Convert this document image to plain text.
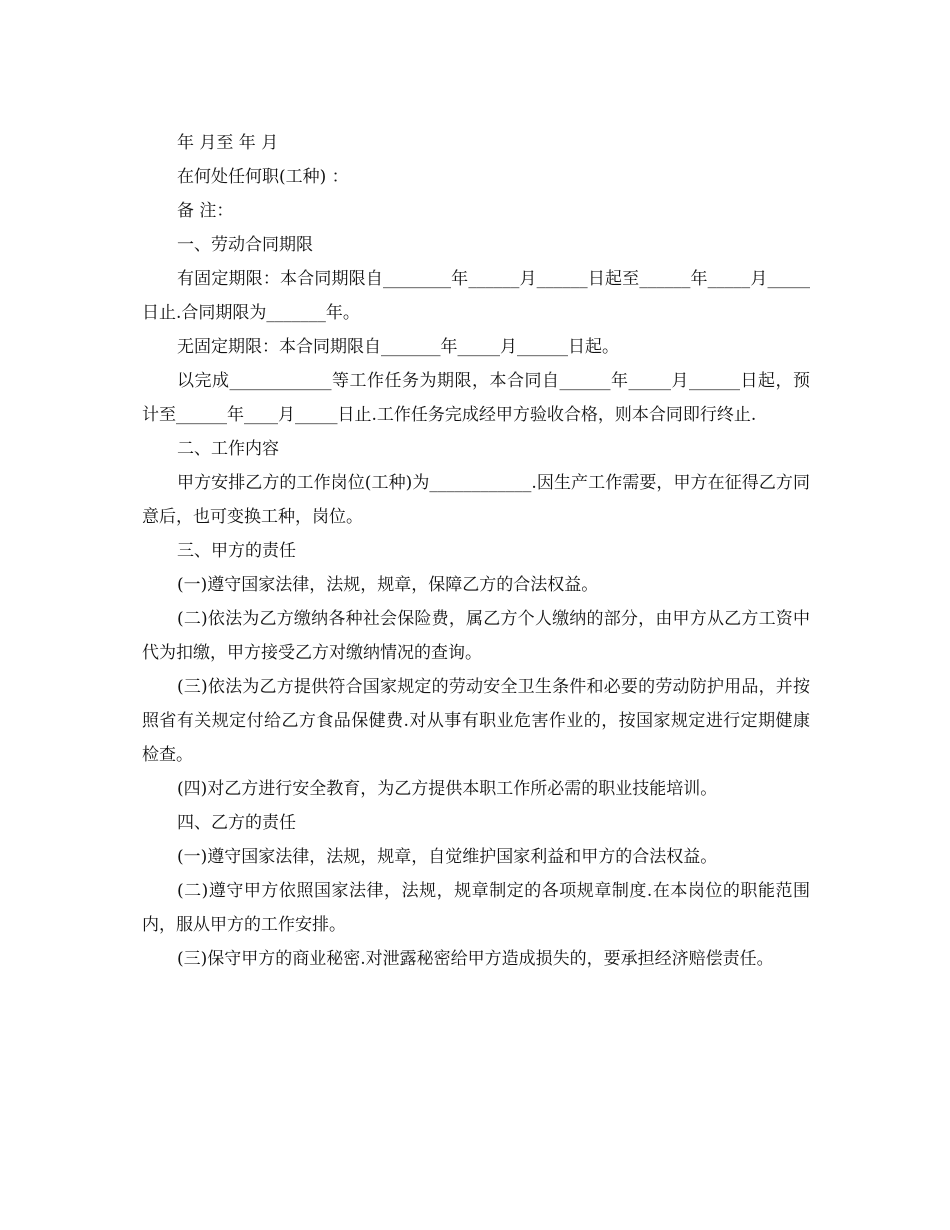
年 月至 年 月

在何处任何职(工种) ：

备 注：

一、劳动合同期限

有固定期限：本合同期限自________年______月______日起至______年_____月_____日止.合同期限为_______年。

无固定期限：本合同期限自_______年_____月______日起。

以完成____________等工作任务为期限，本合同自______年_____月______日起，预计至______年____月_____日止.工作任务完成经甲方验收合格，则本合同即行终止.

二、工作内容

甲方安排乙方的工作岗位(工种)为____________.因生产工作需要，甲方在征得乙方同意后，也可变换工种，岗位。

三、甲方的责任

(一)遵守国家法律，法规，规章，保障乙方的合法权益。

(二)依法为乙方缴纳各种社会保险费，属乙方个人缴纳的部分，由甲方从乙方工资中代为扣缴，甲方接受乙方对缴纳情况的查询。

(三)依法为乙方提供符合国家规定的劳动安全卫生条件和必要的劳动防护用品，并按照省有关规定付给乙方食品保健费.对从事有职业危害作业的，按国家规定进行定期健康检查。

(四)对乙方进行安全教育，为乙方提供本职工作所必需的职业技能培训。

四、乙方的责任

(一)遵守国家法律，法规，规章，自觉维护国家利益和甲方的合法权益。

(二)遵守甲方依照国家法律，法规，规章制定的各项规章制度.在本岗位的职能范围内，服从甲方的工作安排。

(三)保守甲方的商业秘密.对泄露秘密给甲方造成损失的，要承担经济赔偿责任。
